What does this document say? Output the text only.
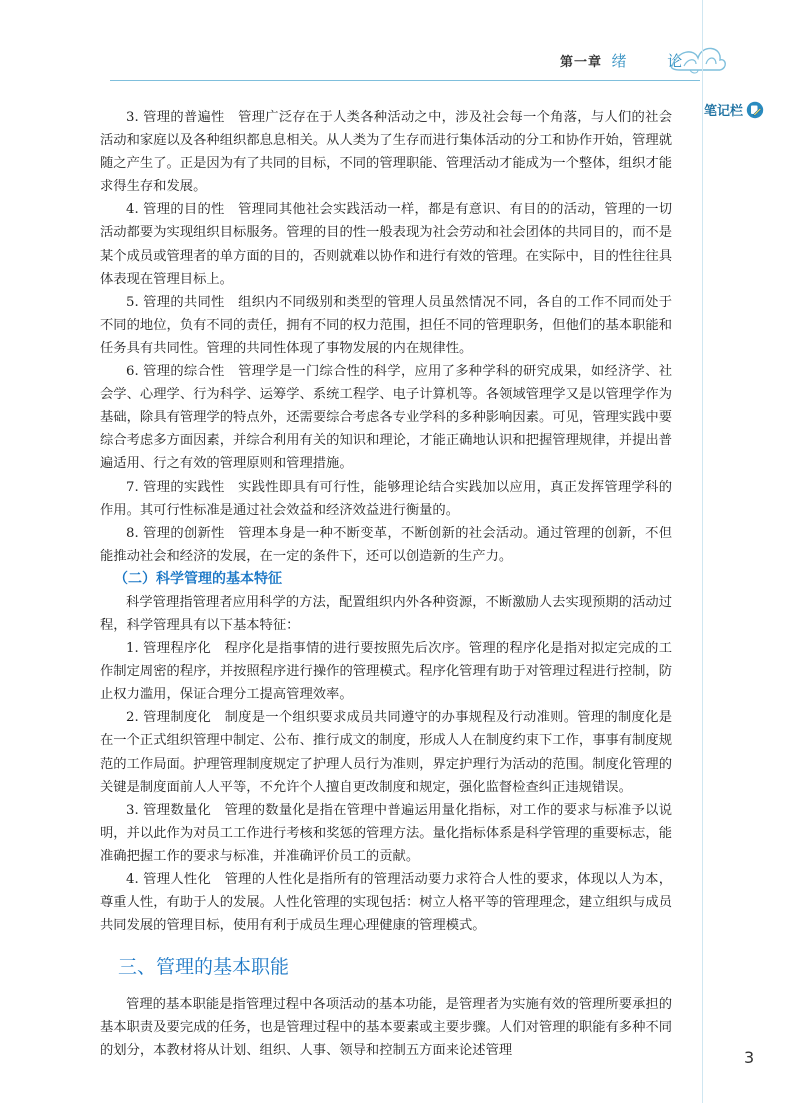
第一章 绪 论
笔记栏

3. 管理的普遍性　管理广泛存在于人类各种活动之中，涉及社会每一个角落，与人们的社会活动和家庭以及各种组织都息息相关。从人类为了生存而进行集体活动的分工和协作开始，管理就随之产生了。正是因为有了共同的目标，不同的管理职能、管理活动才能成为一个整体，组织才能求得生存和发展。

4. 管理的目的性　管理同其他社会实践活动一样，都是有意识、有目的的活动，管理的一切活动都要为实现组织目标服务。管理的目的性一般表现为社会劳动和社会团体的共同目的，而不是某个成员或管理者的单方面的目的，否则就难以协作和进行有效的管理。在实际中，目的性往往具体表现在管理目标上。

5. 管理的共同性　组织内不同级别和类型的管理人员虽然情况不同，各自的工作不同而处于不同的地位，负有不同的责任，拥有不同的权力范围，担任不同的管理职务，但他们的基本职能和任务具有共同性。管理的共同性体现了事物发展的内在规律性。

6. 管理的综合性　管理学是一门综合性的科学，应用了多种学科的研究成果，如经济学、社会学、心理学、行为科学、运筹学、系统工程学、电子计算机等。各领域管理学又是以管理学作为基础，除具有管理学的特点外，还需要综合考虑各专业学科的多种影响因素。可见，管理实践中要综合考虑多方面因素，并综合利用有关的知识和理论，才能正确地认识和把握管理规律，并提出普遍适用、行之有效的管理原则和管理措施。

7. 管理的实践性　实践性即具有可行性，能够理论结合实践加以应用，真正发挥管理学科的作用。其可行性标准是通过社会效益和经济效益进行衡量的。

8. 管理的创新性　管理本身是一种不断变革，不断创新的社会活动。通过管理的创新，不但能推动社会和经济的发展，在一定的条件下，还可以创造新的生产力。

（二）科学管理的基本特征

科学管理指管理者应用科学的方法，配置组织内外各种资源，不断激励人去实现预期的活动过程，科学管理具有以下基本特征：

1. 管理程序化　程序化是指事情的进行要按照先后次序。管理的程序化是指对拟定完成的工作制定周密的程序，并按照程序进行操作的管理模式。程序化管理有助于对管理过程进行控制，防止权力滥用，保证合理分工提高管理效率。

2. 管理制度化　制度是一个组织要求成员共同遵守的办事规程及行动准则。管理的制度化是在一个正式组织管理中制定、公布、推行成文的制度，形成人人在制度约束下工作，事事有制度规范的工作局面。护理管理制度规定了护理人员行为准则，界定护理行为活动的范围。制度化管理的关键是制度面前人人平等，不允许个人擅自更改制度和规定，强化监督检查纠正违规错误。

3. 管理数量化　管理的数量化是指在管理中普遍运用量化指标，对工作的要求与标准予以说明，并以此作为对员工工作进行考核和奖惩的管理方法。量化指标体系是科学管理的重要标志，能准确把握工作的要求与标准，并准确评价员工的贡献。

4. 管理人性化　管理的人性化是指所有的管理活动要力求符合人性的要求，体现以人为本，尊重人性，有助于人的发展。人性化管理的实现包括：树立人格平等的管理理念，建立组织与成员共同发展的管理目标，使用有利于成员生理心理健康的管理模式。

三、管理的基本职能

管理的基本职能是指管理过程中各项活动的基本功能，是管理者为实施有效的管理所要承担的基本职责及要完成的任务，也是管理过程中的基本要素或主要步骤。人们对管理的职能有多种不同的划分，本教材将从计划、组织、人事、领导和控制五方面来论述管理	3
